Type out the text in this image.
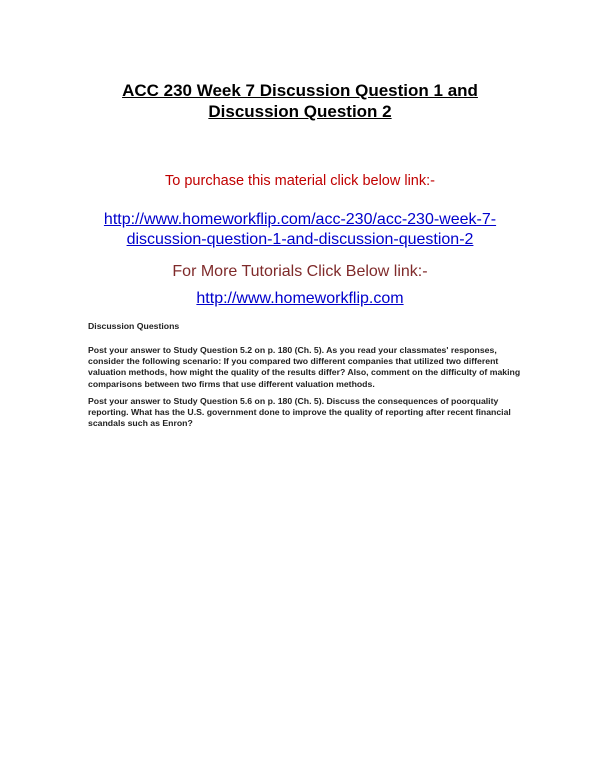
ACC 230 Week 7 Discussion Question 1 and
Discussion Question 2
To purchase this material click below link:-
http://www.homeworkflip.com/acc-230/acc-230-week-7-
discussion-question-1-and-discussion-question-2
For More Tutorials Click Below link:-
http://www.homeworkflip.com
Discussion Questions

Post your answer to Study Question 5.2 on p. 180 (Ch. 5). As you read your classmates' responses, consider the following scenario: If you compared two different companies that utilized two different valuation methods, how might the quality of the results differ? Also, comment on the difficulty of making comparisons between two firms that use different valuation methods.

Post your answer to Study Question 5.6 on p. 180 (Ch. 5). Discuss the consequences of poorquality reporting. What has the U.S. government done to improve the quality of reporting after recent financial scandals such as Enron?
